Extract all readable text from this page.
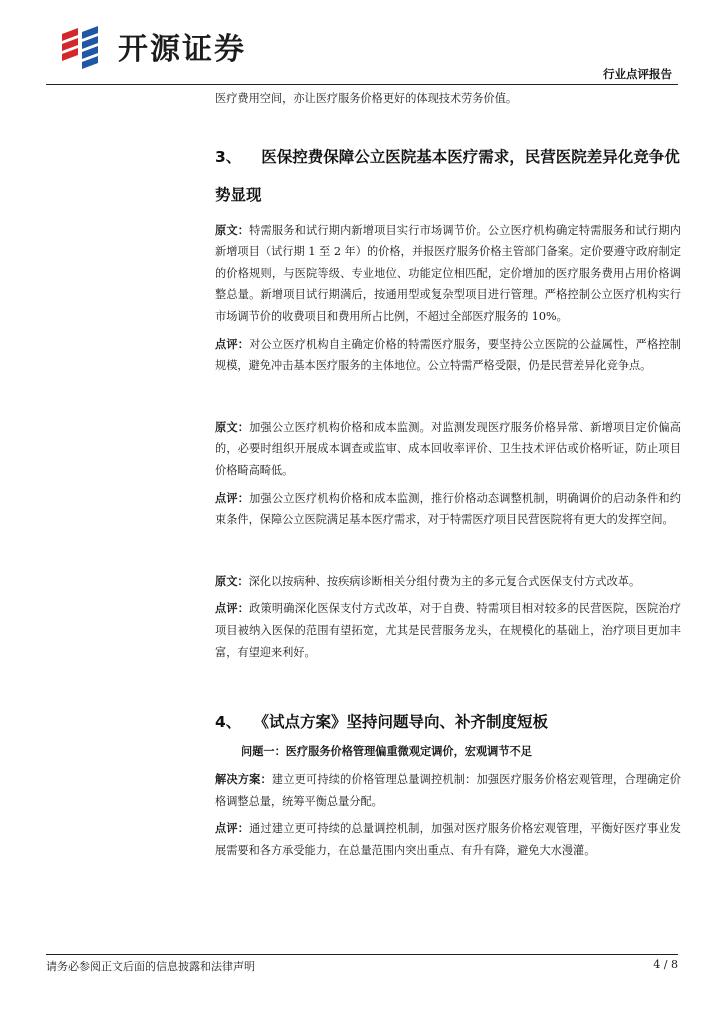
开源证券
行业点评报告

医疗费用空间，亦让医疗服务价格更好的体现技术劳务价值。

3、 医保控费保障公立医院基本医疗需求，民营医院差异化竞争优势显现

原文：特需服务和试行期内新增项目实行市场调节价。公立医疗机构确定特需服务和试行期内新增项目（试行期 1 至 2 年）的价格，并报医疗服务价格主管部门备案。定价要遵守政府制定的价格规则，与医院等级、专业地位、功能定位相匹配，定价增加的医疗服务费用占用价格调整总量。新增项目试行期满后，按通用型或复杂型项目进行管理。严格控制公立医疗机构实行市场调节价的收费项目和费用所占比例，不超过全部医疗服务的 10%。

点评：对公立医疗机构自主确定价格的特需医疗服务，要坚持公立医院的公益属性，严格控制规模，避免冲击基本医疗服务的主体地位。公立特需严格受限，仍是民营差异化竞争点。

原文：加强公立医疗机构价格和成本监测。对监测发现医疗服务价格异常、新增项目定价偏高的，必要时组织开展成本调查或监审、成本回收率评价、卫生技术评估或价格听证，防止项目价格畸高畸低。

点评：加强公立医疗机构价格和成本监测，推行价格动态调整机制，明确调价的启动条件和约束条件，保障公立医院满足基本医疗需求，对于特需医疗项目民营医院将有更大的发挥空间。

原文：深化以按病种、按疾病诊断相关分组付费为主的多元复合式医保支付方式改革。

点评：政策明确深化医保支付方式改革，对于自费、特需项目相对较多的民营医院，医院治疗项目被纳入医保的范围有望拓宽，尤其是民营服务龙头，在规模化的基础上，治疗项目更加丰富，有望迎来利好。

4、 《试点方案》坚持问题导向、补齐制度短板

问题一：医疗服务价格管理偏重微观定调价，宏观调节不足

解决方案：建立更可持续的价格管理总量调控机制：加强医疗服务价格宏观管理，合理确定价格调整总量，统筹平衡总量分配。

点评：通过建立更可持续的总量调控机制，加强对医疗服务价格宏观管理，平衡好医疗事业发展需要和各方承受能力，在总量范围内突出重点、有升有降，避免大水漫灌。

请务必参阅正文后面的信息披露和法律声明	4 / 8
